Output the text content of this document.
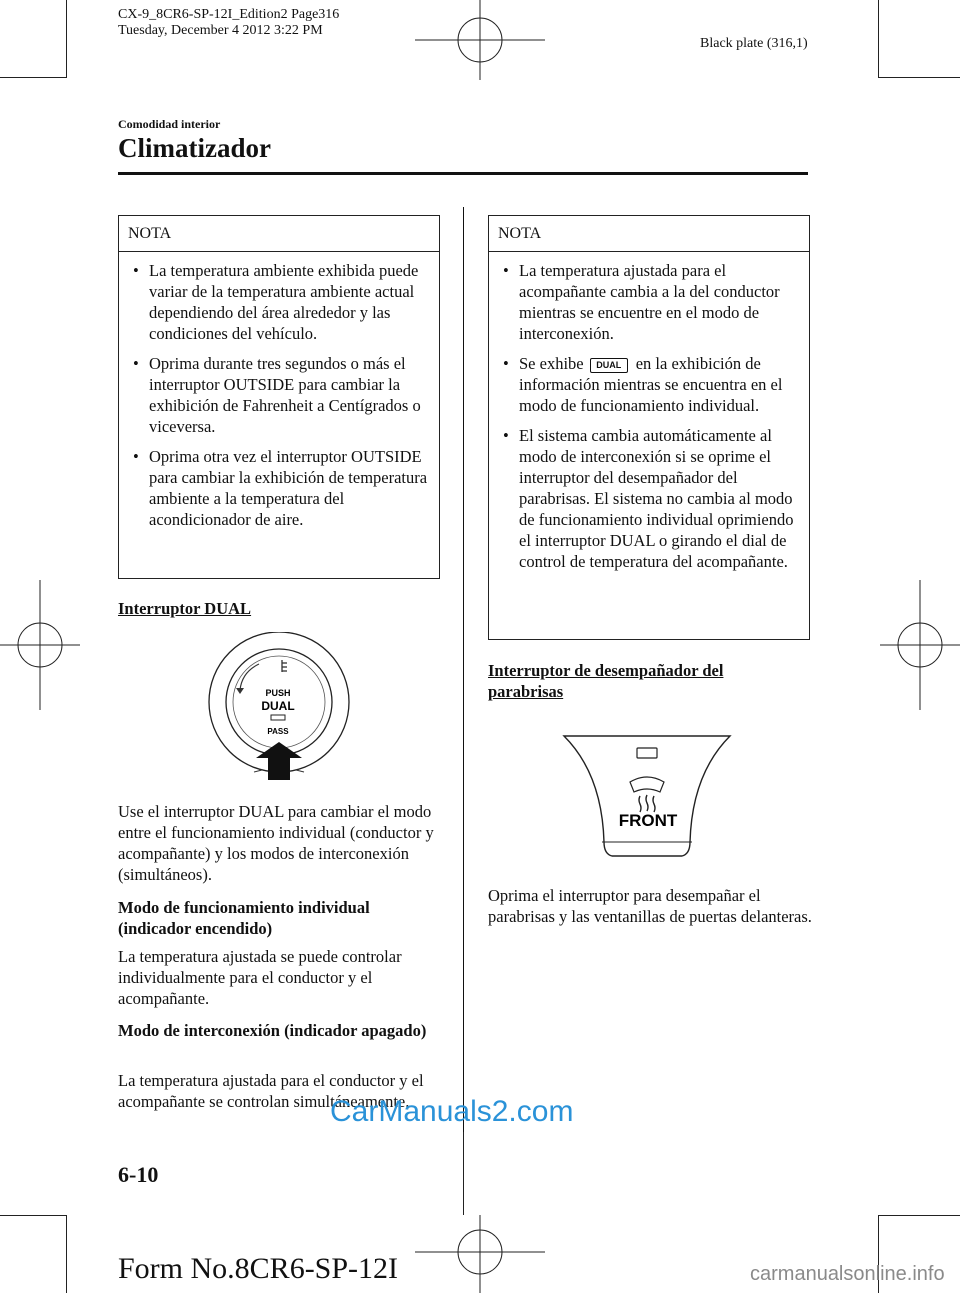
CX-9_8CR6-SP-12I_Edition2 Page316
Tuesday, December 4 2012 3:22 PM
Black plate (316,1)
Comodidad interior
Climatizador
NOTA
• La temperatura ambiente exhibida puede variar de la temperatura ambiente actual dependiendo del área alrededor y las condiciones del vehículo.
• Oprima durante tres segundos o más el interruptor OUTSIDE para cambiar la exhibición de Fahrenheit a Centígrados o viceversa.
• Oprima otra vez el interruptor OUTSIDE para cambiar la exhibición de temperatura ambiente a la temperatura del acondicionador de aire.
Interruptor DUAL
PUSH
DUAL
PASS
Use el interruptor DUAL para cambiar el modo entre el funcionamiento individual (conductor y acompañante) y los modos de interconexión (simultáneos).
Modo de funcionamiento individual (indicador encendido)
La temperatura ajustada se puede controlar individualmente para el conductor y el acompañante.
Modo de interconexión (indicador apagado)
La temperatura ajustada para el conductor y el acompañante se controlan simultáneamente.
NOTA
• La temperatura ajustada para el acompañante cambia a la del conductor mientras se encuentre en el modo de interconexión.
• Se exhibe DUAL en la exhibición de información mientras se encuentra en el modo de funcionamiento individual.
• El sistema cambia automáticamente al modo de interconexión si se oprime el interruptor del desempañador del parabrisas. El sistema no cambia al modo de funcionamiento individual oprimiendo el interruptor DUAL o girando el dial de control de temperatura del acompañante.
Interruptor de desempañador del parabrisas
FRONT
Oprima el interruptor para desempañar el parabrisas y las ventanillas de puertas delanteras.
6-10
CarManuals2.com
Form No.8CR6-SP-12I	carmanualsonline.info
